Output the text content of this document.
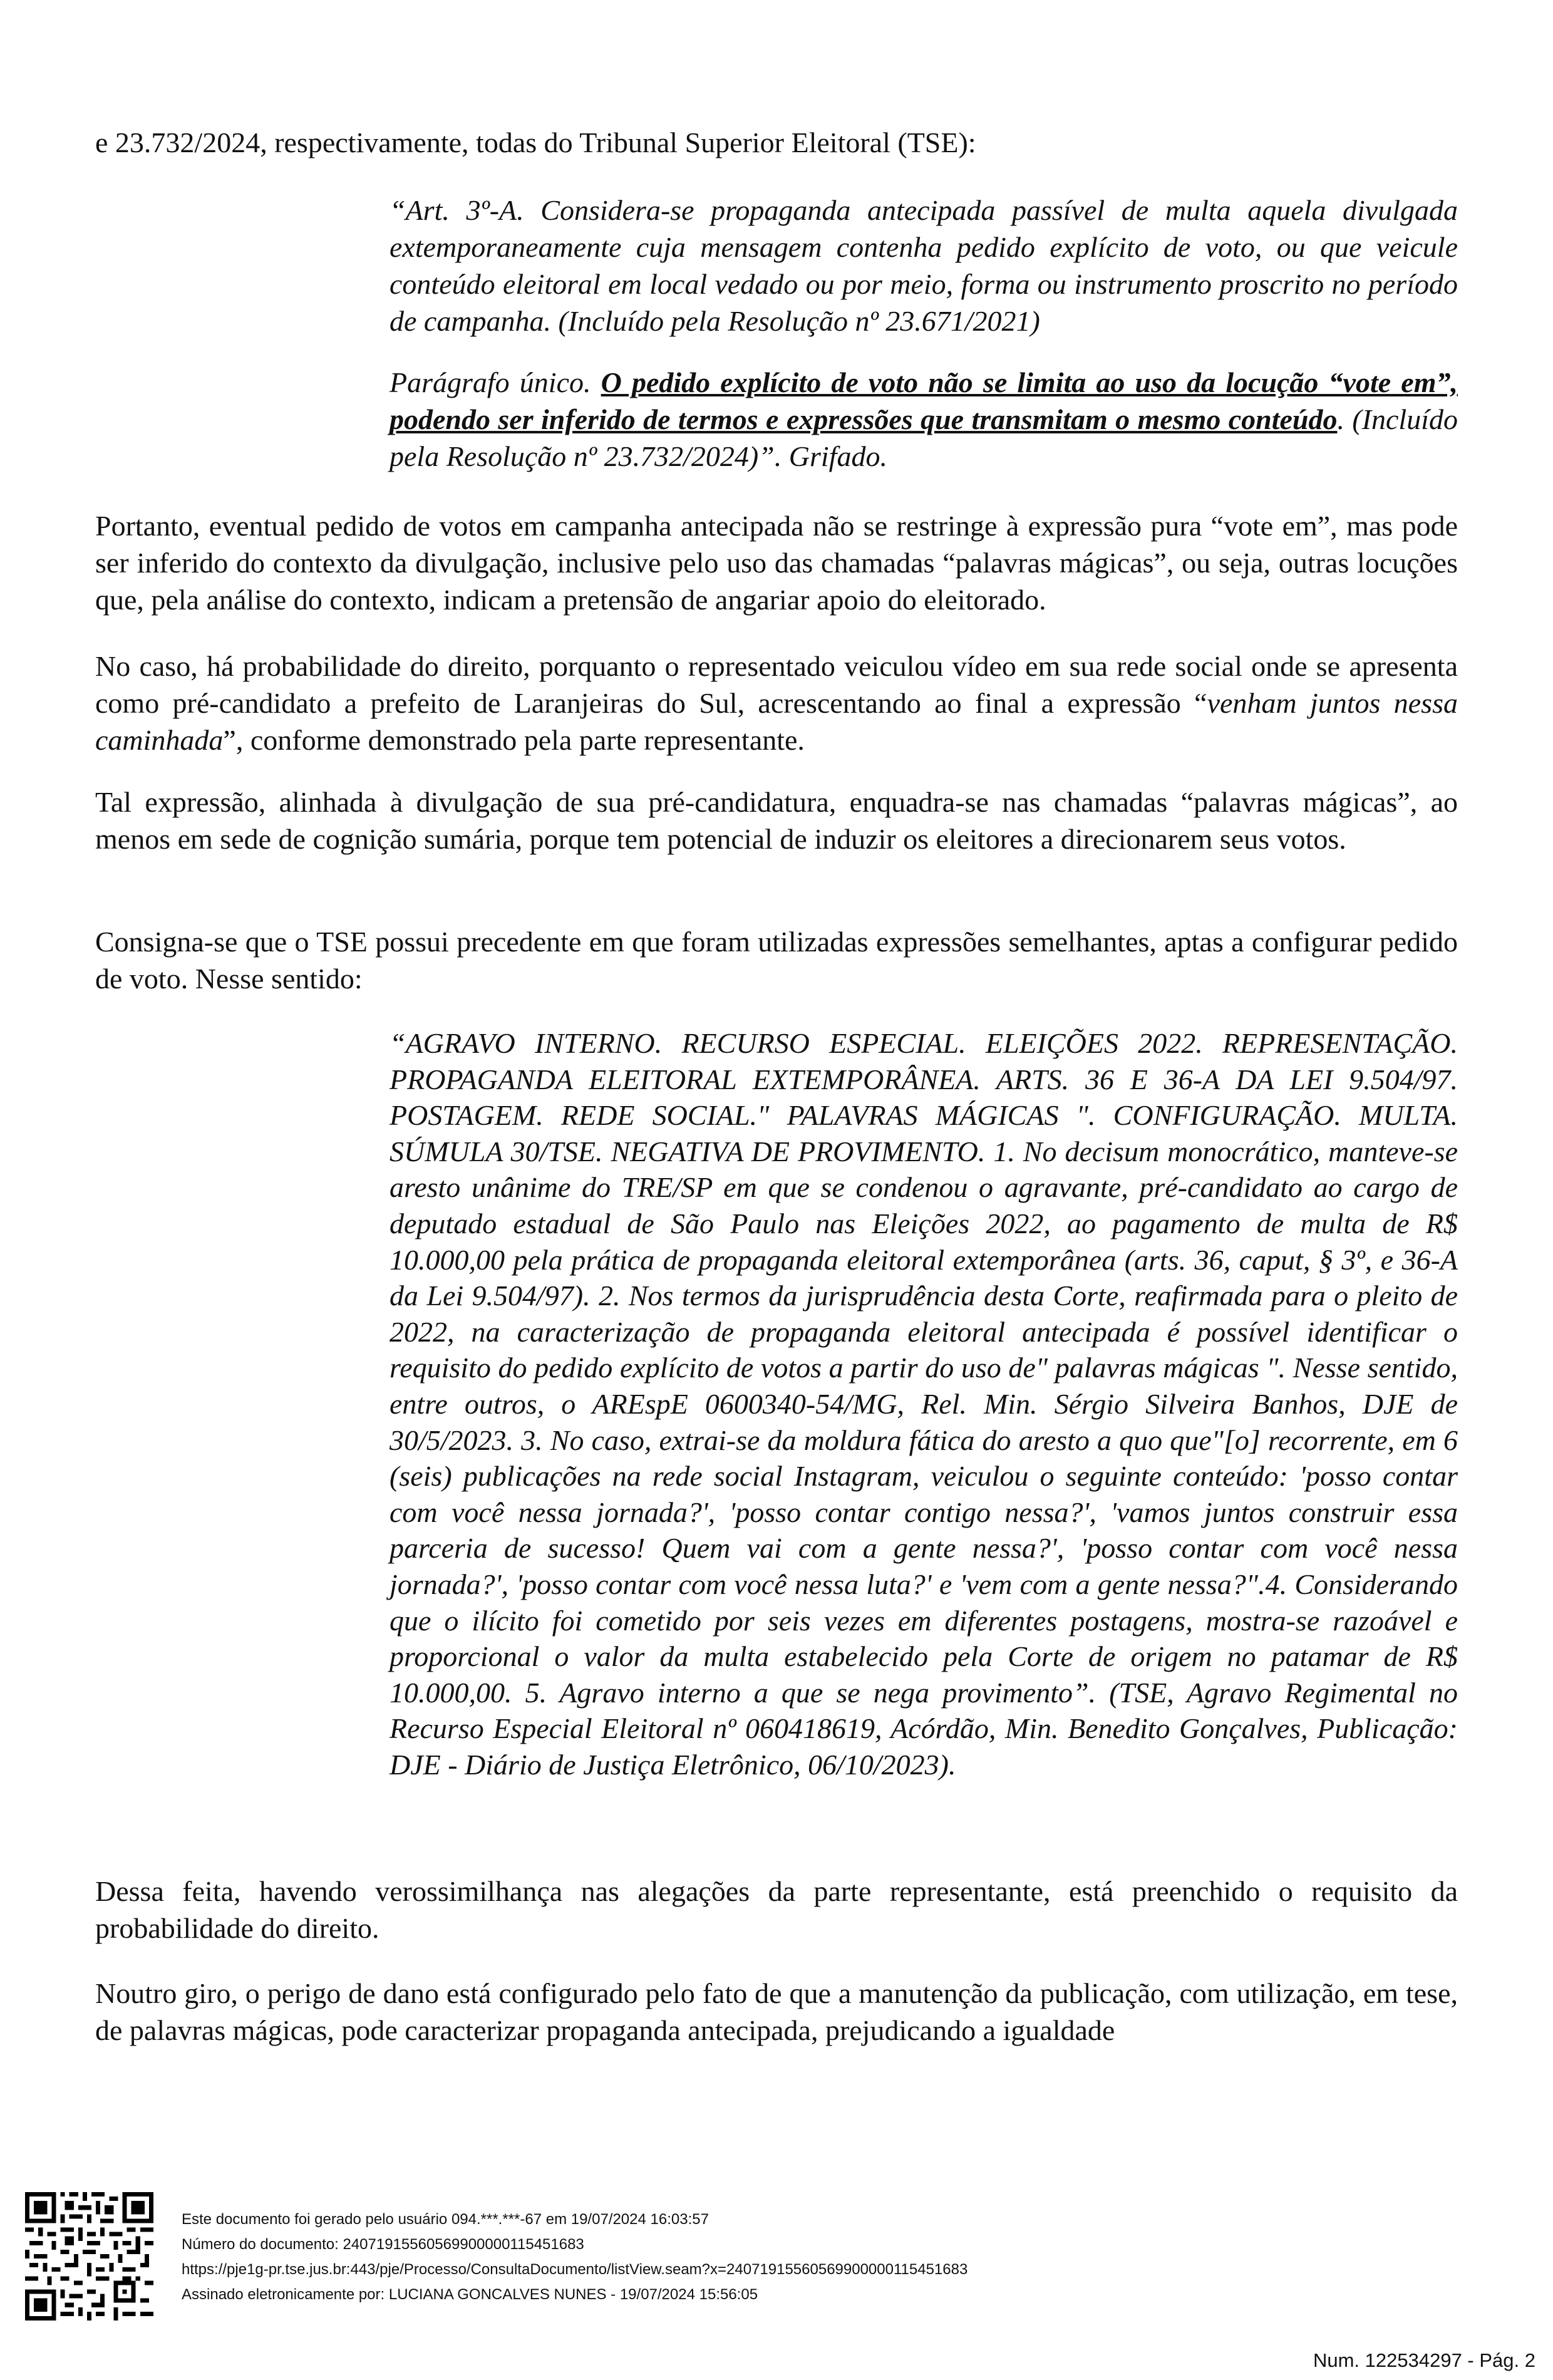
e 23.732/2024, respectivamente, todas do Tribunal Superior Eleitoral (TSE):

“Art. 3º-A. Considera-se propaganda antecipada passível de multa aquela divulgada extemporaneamente cuja mensagem contenha pedido explícito de voto, ou que veicule conteúdo eleitoral em local vedado ou por meio, forma ou instrumento proscrito no período de campanha. (Incluído pela Resolução nº 23.671/2021)

Parágrafo único. O pedido explícito de voto não se limita ao uso da locução “vote em”, podendo ser inferido de termos e expressões que transmitam o mesmo conteúdo. (Incluído pela Resolução nº 23.732/2024)”. Grifado.

Portanto, eventual pedido de votos em campanha antecipada não se restringe à expressão pura “vote em”, mas pode ser inferido do contexto da divulgação, inclusive pelo uso das chamadas “palavras mágicas”, ou seja, outras locuções que, pela análise do contexto, indicam a pretensão de angariar apoio do eleitorado.

No caso, há probabilidade do direito, porquanto o representado veiculou vídeo em sua rede social onde se apresenta como pré-candidato a prefeito de Laranjeiras do Sul, acrescentando ao final a expressão “venham juntos nessa caminhada”, conforme demonstrado pela parte representante.

Tal expressão, alinhada à divulgação de sua pré-candidatura, enquadra-se nas chamadas “palavras mágicas”, ao menos em sede de cognição sumária, porque tem potencial de induzir os eleitores a direcionarem seus votos.

Consigna-se que o TSE possui precedente em que foram utilizadas expressões semelhantes, aptas a configurar pedido de voto. Nesse sentido:

“AGRAVO INTERNO. RECURSO ESPECIAL. ELEIÇÕES 2022. REPRESENTAÇÃO. PROPAGANDA ELEITORAL EXTEMPORÂNEA. ARTS. 36 E 36-A DA LEI 9.504/97. POSTAGEM. REDE SOCIAL." PALAVRAS MÁGICAS ". CONFIGURAÇÃO. MULTA. SÚMULA 30/TSE. NEGATIVA DE PROVIMENTO. 1. No decisum monocrático, manteve-se aresto unânime do TRE/SP em que se condenou o agravante, pré-candidato ao cargo de deputado estadual de São Paulo nas Eleições 2022, ao pagamento de multa de R$ 10.000,00 pela prática de propaganda eleitoral extemporânea (arts. 36, caput, § 3º, e 36-A da Lei 9.504/97). 2. Nos termos da jurisprudência desta Corte, reafirmada para o pleito de 2022, na caracterização de propaganda eleitoral antecipada é possível identificar o requisito do pedido explícito de votos a partir do uso de" palavras mágicas ". Nesse sentido, entre outros, o AREspE 0600340-54/MG, Rel. Min. Sérgio Silveira Banhos, DJE de 30/5/2023. 3. No caso, extrai-se da moldura fática do aresto a quo que"[o] recorrente, em 6 (seis) publicações na rede social Instagram, veiculou o seguinte conteúdo: 'posso contar com você nessa jornada?', 'posso contar contigo nessa?', 'vamos juntos construir essa parceria de sucesso! Quem vai com a gente nessa?', 'posso contar com você nessa jornada?', 'posso contar com você nessa luta?' e 'vem com a gente nessa?".4. Considerando que o ilícito foi cometido por seis vezes em diferentes postagens, mostra-se razoável e proporcional o valor da multa estabelecido pela Corte de origem no patamar de R$ 10.000,00. 5. Agravo interno a que se nega provimento”. (TSE, Agravo Regimental no Recurso Especial Eleitoral nº 060418619, Acórdão, Min. Benedito Gonçalves, Publicação: DJE - Diário de Justiça Eletrônico, 06/10/2023).

Dessa feita, havendo verossimilhança nas alegações da parte representante, está preenchido o requisito da probabilidade do direito.

Noutro giro, o perigo de dano está configurado pelo fato de que a manutenção da publicação, com utilização, em tese, de palavras mágicas, pode caracterizar propaganda antecipada, prejudicando a igualdade

Este documento foi gerado pelo usuário 094.***.***-67 em 19/07/2024 16:03:57
Número do documento: 24071915560569900000115451683
https://pje1g-pr.tse.jus.br:443/pje/Processo/ConsultaDocumento/listView.seam?x=24071915560569900000115451683
Assinado eletronicamente por: LUCIANA GONCALVES NUNES - 19/07/2024 15:56:05
Num. 122534297 - Pág. 2
